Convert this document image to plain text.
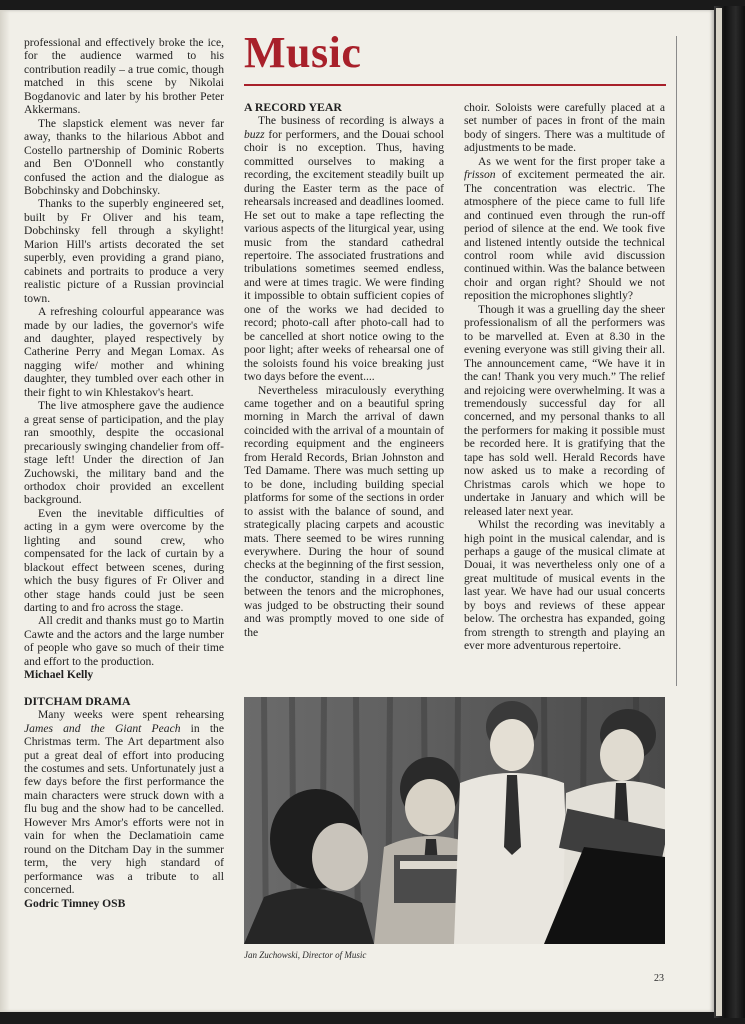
Music

professional and effectively broke the ice, for the audience warmed to his contribution readily – a true comic, though matched in this scene by Nikolai Bogdanovic and later by his brother Peter Akkermans.

The slapstick element was never far away, thanks to the hilarious Abbot and Costello partnership of Dominic Roberts and Ben O'Donnell who constantly confused the action and the dialogue as Bobchinsky and Dobchinsky.

Thanks to the superbly engineered set, built by Fr Oliver and his team, Dobchinsky fell through a skylight! Marion Hill's artists decorated the set superbly, even providing a grand piano, cabinets and portraits to produce a very realistic picture of a Russian provincial town.

A refreshing colourful appearance was made by our ladies, the governor's wife and daughter, played respectively by Catherine Perry and Megan Lomax. As nagging wife/ mother and whining daughter, they tumbled over each other in their fight to win Khlestakov's heart.

The live atmosphere gave the audience a great sense of participation, and the play ran smoothly, despite the occasional precariously swinging chandelier from off-stage left! Under the direction of Jan Zuchowski, the military band and the orthodox choir provided an excellent background.

Even the inevitable difficulties of acting in a gym were overcome by the lighting and sound crew, who compensated for the lack of curtain by a blackout effect between scenes, during which the busy figures of Fr Oliver and other stage hands could just be seen darting to and fro across the stage.

All credit and thanks must go to Martin Cawte and the actors and the large number of people who gave so much of their time and effort to the production.

Michael Kelly

DITCHAM DRAMA

Many weeks were spent rehearsing James and the Giant Peach in the Christmas term. The Art department also put a great deal of effort into producing the costumes and sets. Unfortunately just a few days before the first performance the main characters were struck down with a flu bug and the show had to be cancelled. However Mrs Amor's efforts were not in vain for when the Declamatioin came round on the Ditcham Day in the summer term, the very high standard of performance was a tribute to all concerned.

Godric Timney OSB

A RECORD YEAR

The business of recording is always a buzz for performers, and the Douai school choir is no exception. Thus, having committed ourselves to making a recording, the excitement steadily built up during the Easter term as the pace of rehearsals increased and deadlines loomed. He set out to make a tape reflecting the various aspects of the liturgical year, using music from the standard cathedral repertoire. The associated frustrations and tribulations sometimes seemed endless, and were at times tragic. We were finding it impossible to obtain sufficient copies of one of the works we had decided to record; photo-call after photo-call had to be cancelled at short notice owing to the poor light; after weeks of rehearsal one of the soloists found his voice breaking just two days before the event....

Nevertheless miraculously everything came together and on a beautiful spring morning in March the arrival of dawn coincided with the arrival of a mountain of recording equipment and the engineers from Herald Records, Brian Johnston and Ted Damame. There was much setting up to be done, including building special platforms for some of the sections in order to assist with the balance of sound, and strategically placing carpets and acoustic mats. There seemed to be wires running everywhere. During the hour of sound checks at the beginning of the first session, the conductor, standing in a direct line between the tenors and the microphones, was judged to be obstructing their sound and was promptly moved to one side of the

choir. Soloists were carefully placed at a set number of paces in front of the main body of singers. There was a multitude of adjustments to be made.

As we went for the first proper take a frisson of excitement permeated the air. The concentration was electric. The atmosphere of the piece came to full life and continued even through the run-off period of silence at the end. We took five and listened intently outside the technical control room while avid discussion continued within. Was the balance between choir and organ right? Should we not reposition the microphones slightly?

Though it was a gruelling day the sheer professionalism of all the performers was to be marvelled at. Even at 8.30 in the evening everyone was still giving their all. The announcement came, “We have it in the can! Thank you very much.” The relief and rejoicing were overwhelming. It was a tremendously successful day for all concerned, and my personal thanks to all the performers for making it possible must be recorded here. It is gratifying that the tape has sold well. Herald Records have now asked us to make a recording of Christmas carols which we hope to undertake in January and which will be released later next year.

Whilst the recording was inevitably a high point in the musical calendar, and is perhaps a gauge of the musical climate at Douai, it was nevertheless only one of a great multitude of musical events in the last year. We have had our usual concerts by boys and reviews of these appear below. The orchestra has expanded, going from strength to strength and playing an ever more adventurous repertoire.

Jan Zuchowski, Director of Music
23
